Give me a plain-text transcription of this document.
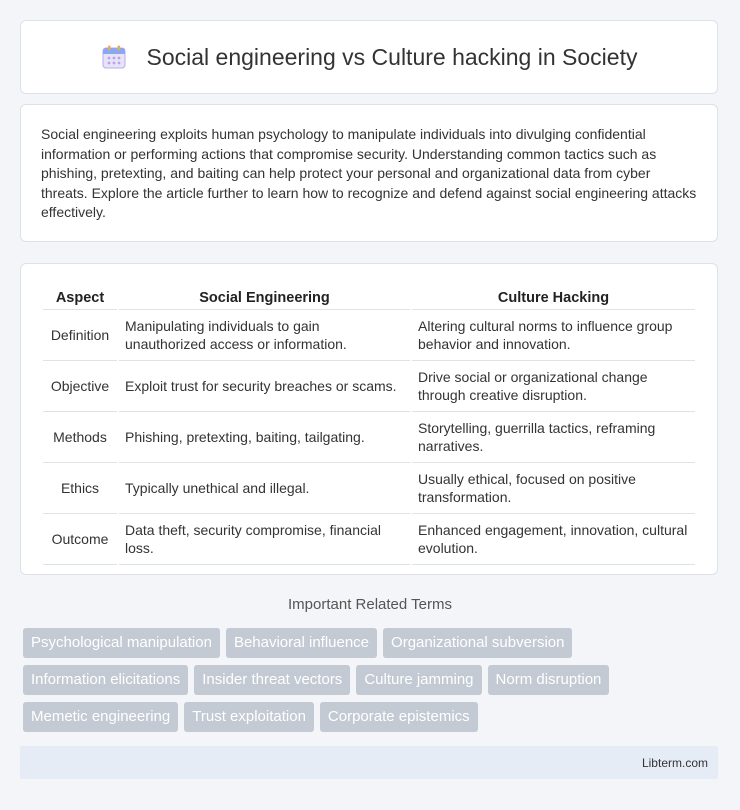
Social engineering vs Culture hacking in Society

Social engineering exploits human psychology to manipulate individuals into divulging confidential information or performing actions that compromise security. Understanding common tactics such as phishing, pretexting, and baiting can help protect your personal and organizational data from cyber threats. Explore the article further to learn how to recognize and defend against social engineering attacks effectively.

Aspect	Social Engineering	Culture Hacking
Definition	Manipulating individuals to gain unauthorized access or information.	Altering cultural norms to influence group behavior and innovation.
Objective	Exploit trust for security breaches or scams.	Drive social or organizational change through creative disruption.
Methods	Phishing, pretexting, baiting, tailgating.	Storytelling, guerrilla tactics, reframing narratives.
Ethics	Typically unethical and illegal.	Usually ethical, focused on positive transformation.
Outcome	Data theft, security compromise, financial loss.	Enhanced engagement, innovation, cultural evolution.
Important Related Terms
Psychological manipulation	Behavioral influence	Organizational subversion
Information elicitations	Insider threat vectors	Culture jamming	Norm disruption
Memetic engineering	Trust exploitation	Corporate epistemics
Libterm.com
